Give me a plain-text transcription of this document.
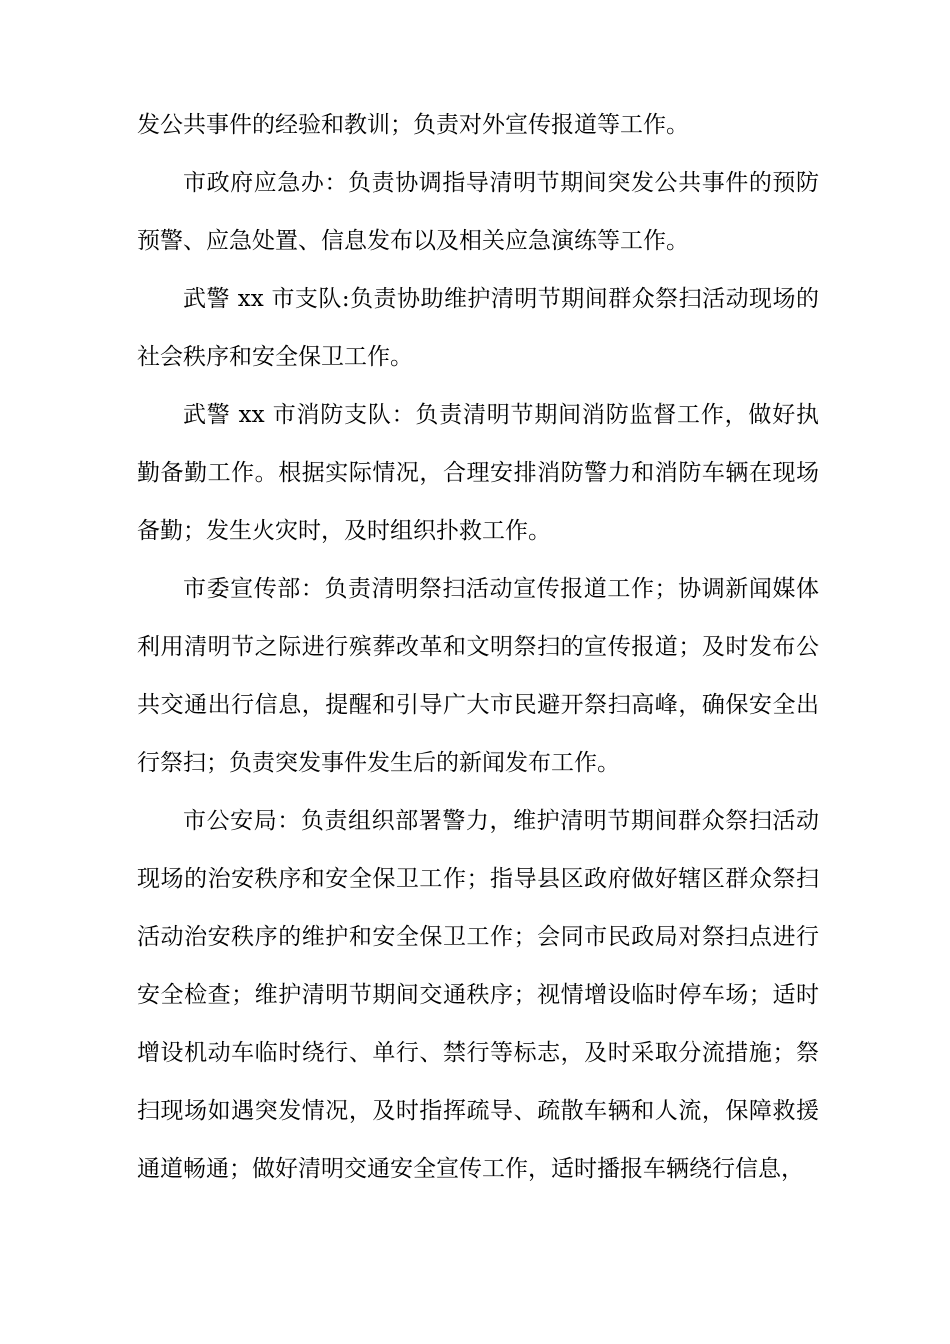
发公共事件的经验和教训；负责对外宣传报道等工作。

市政府应急办：负责协调指导清明节期间突发公共事件的预防预警、应急处置、信息发布以及相关应急演练等工作。

武警 xx 市支队:负责协助维护清明节期间群众祭扫活动现场的社会秩序和安全保卫工作。

武警 xx 市消防支队：负责清明节期间消防监督工作，做好执勤备勤工作。根据实际情况，合理安排消防警力和消防车辆在现场备勤；发生火灾时，及时组织扑救工作。

市委宣传部：负责清明祭扫活动宣传报道工作；协调新闻媒体利用清明节之际进行殡葬改革和文明祭扫的宣传报道；及时发布公共交通出行信息，提醒和引导广大市民避开祭扫高峰，确保安全出行祭扫；负责突发事件发生后的新闻发布工作。

市公安局：负责组织部署警力，维护清明节期间群众祭扫活动现场的治安秩序和安全保卫工作；指导县区政府做好辖区群众祭扫活动治安秩序的维护和安全保卫工作；会同市民政局对祭扫点进行安全检查；维护清明节期间交通秩序；视情增设临时停车场；适时增设机动车临时绕行、单行、禁行等标志，及时采取分流措施；祭扫现场如遇突发情况，及时指挥疏导、疏散车辆和人流，保障救援通道畅通；做好清明交通安全宣传工作，适时播报车辆绕行信息，
